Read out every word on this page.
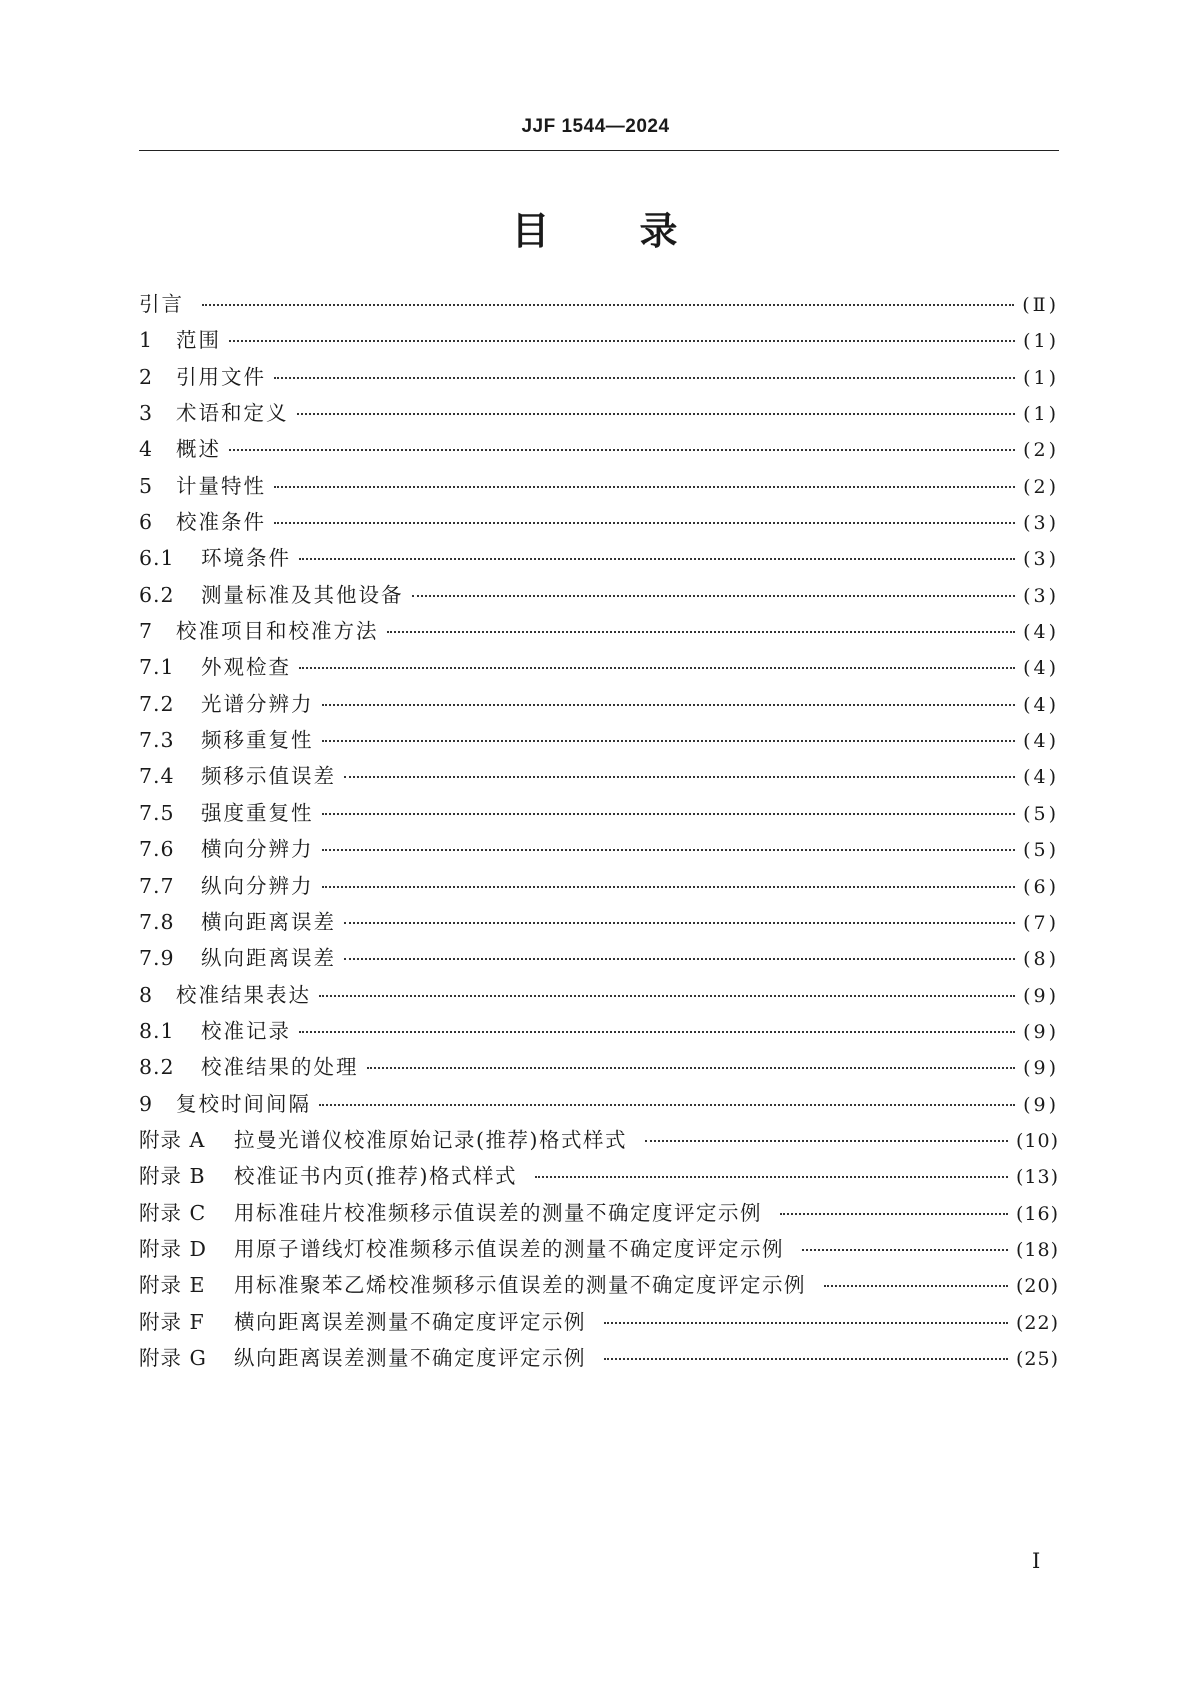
JJF 1544—2024
目 录
引言	(Ⅱ)
1	范围	(1)
2	引用文件	(1)
3	术语和定义	(1)
4	概述	(2)
5	计量特性	(2)
6	校准条件	(3)
6.1	环境条件	(3)
6.2	测量标准及其他设备	(3)
7	校准项目和校准方法	(4)
7.1	外观检查	(4)
7.2	光谱分辨力	(4)
7.3	频移重复性	(4)
7.4	频移示值误差	(4)
7.5	强度重复性	(5)
7.6	横向分辨力	(5)
7.7	纵向分辨力	(6)
7.8	横向距离误差	(7)
7.9	纵向距离误差	(8)
8	校准结果表达	(9)
8.1	校准记录	(9)
8.2	校准结果的处理	(9)
9	复校时间间隔	(9)
附录 A	拉曼光谱仪校准原始记录(推荐)格式样式	(10)
附录 B	校准证书内页(推荐)格式样式	(13)
附录 C	用标准硅片校准频移示值误差的测量不确定度评定示例	(16)
附录 D	用原子谱线灯校准频移示值误差的测量不确定度评定示例	(18)
附录 E	用标准聚苯乙烯校准频移示值误差的测量不确定度评定示例	(20)
附录 F	横向距离误差测量不确定度评定示例	(22)
附录 G	纵向距离误差测量不确定度评定示例	(25)
Ⅰ
